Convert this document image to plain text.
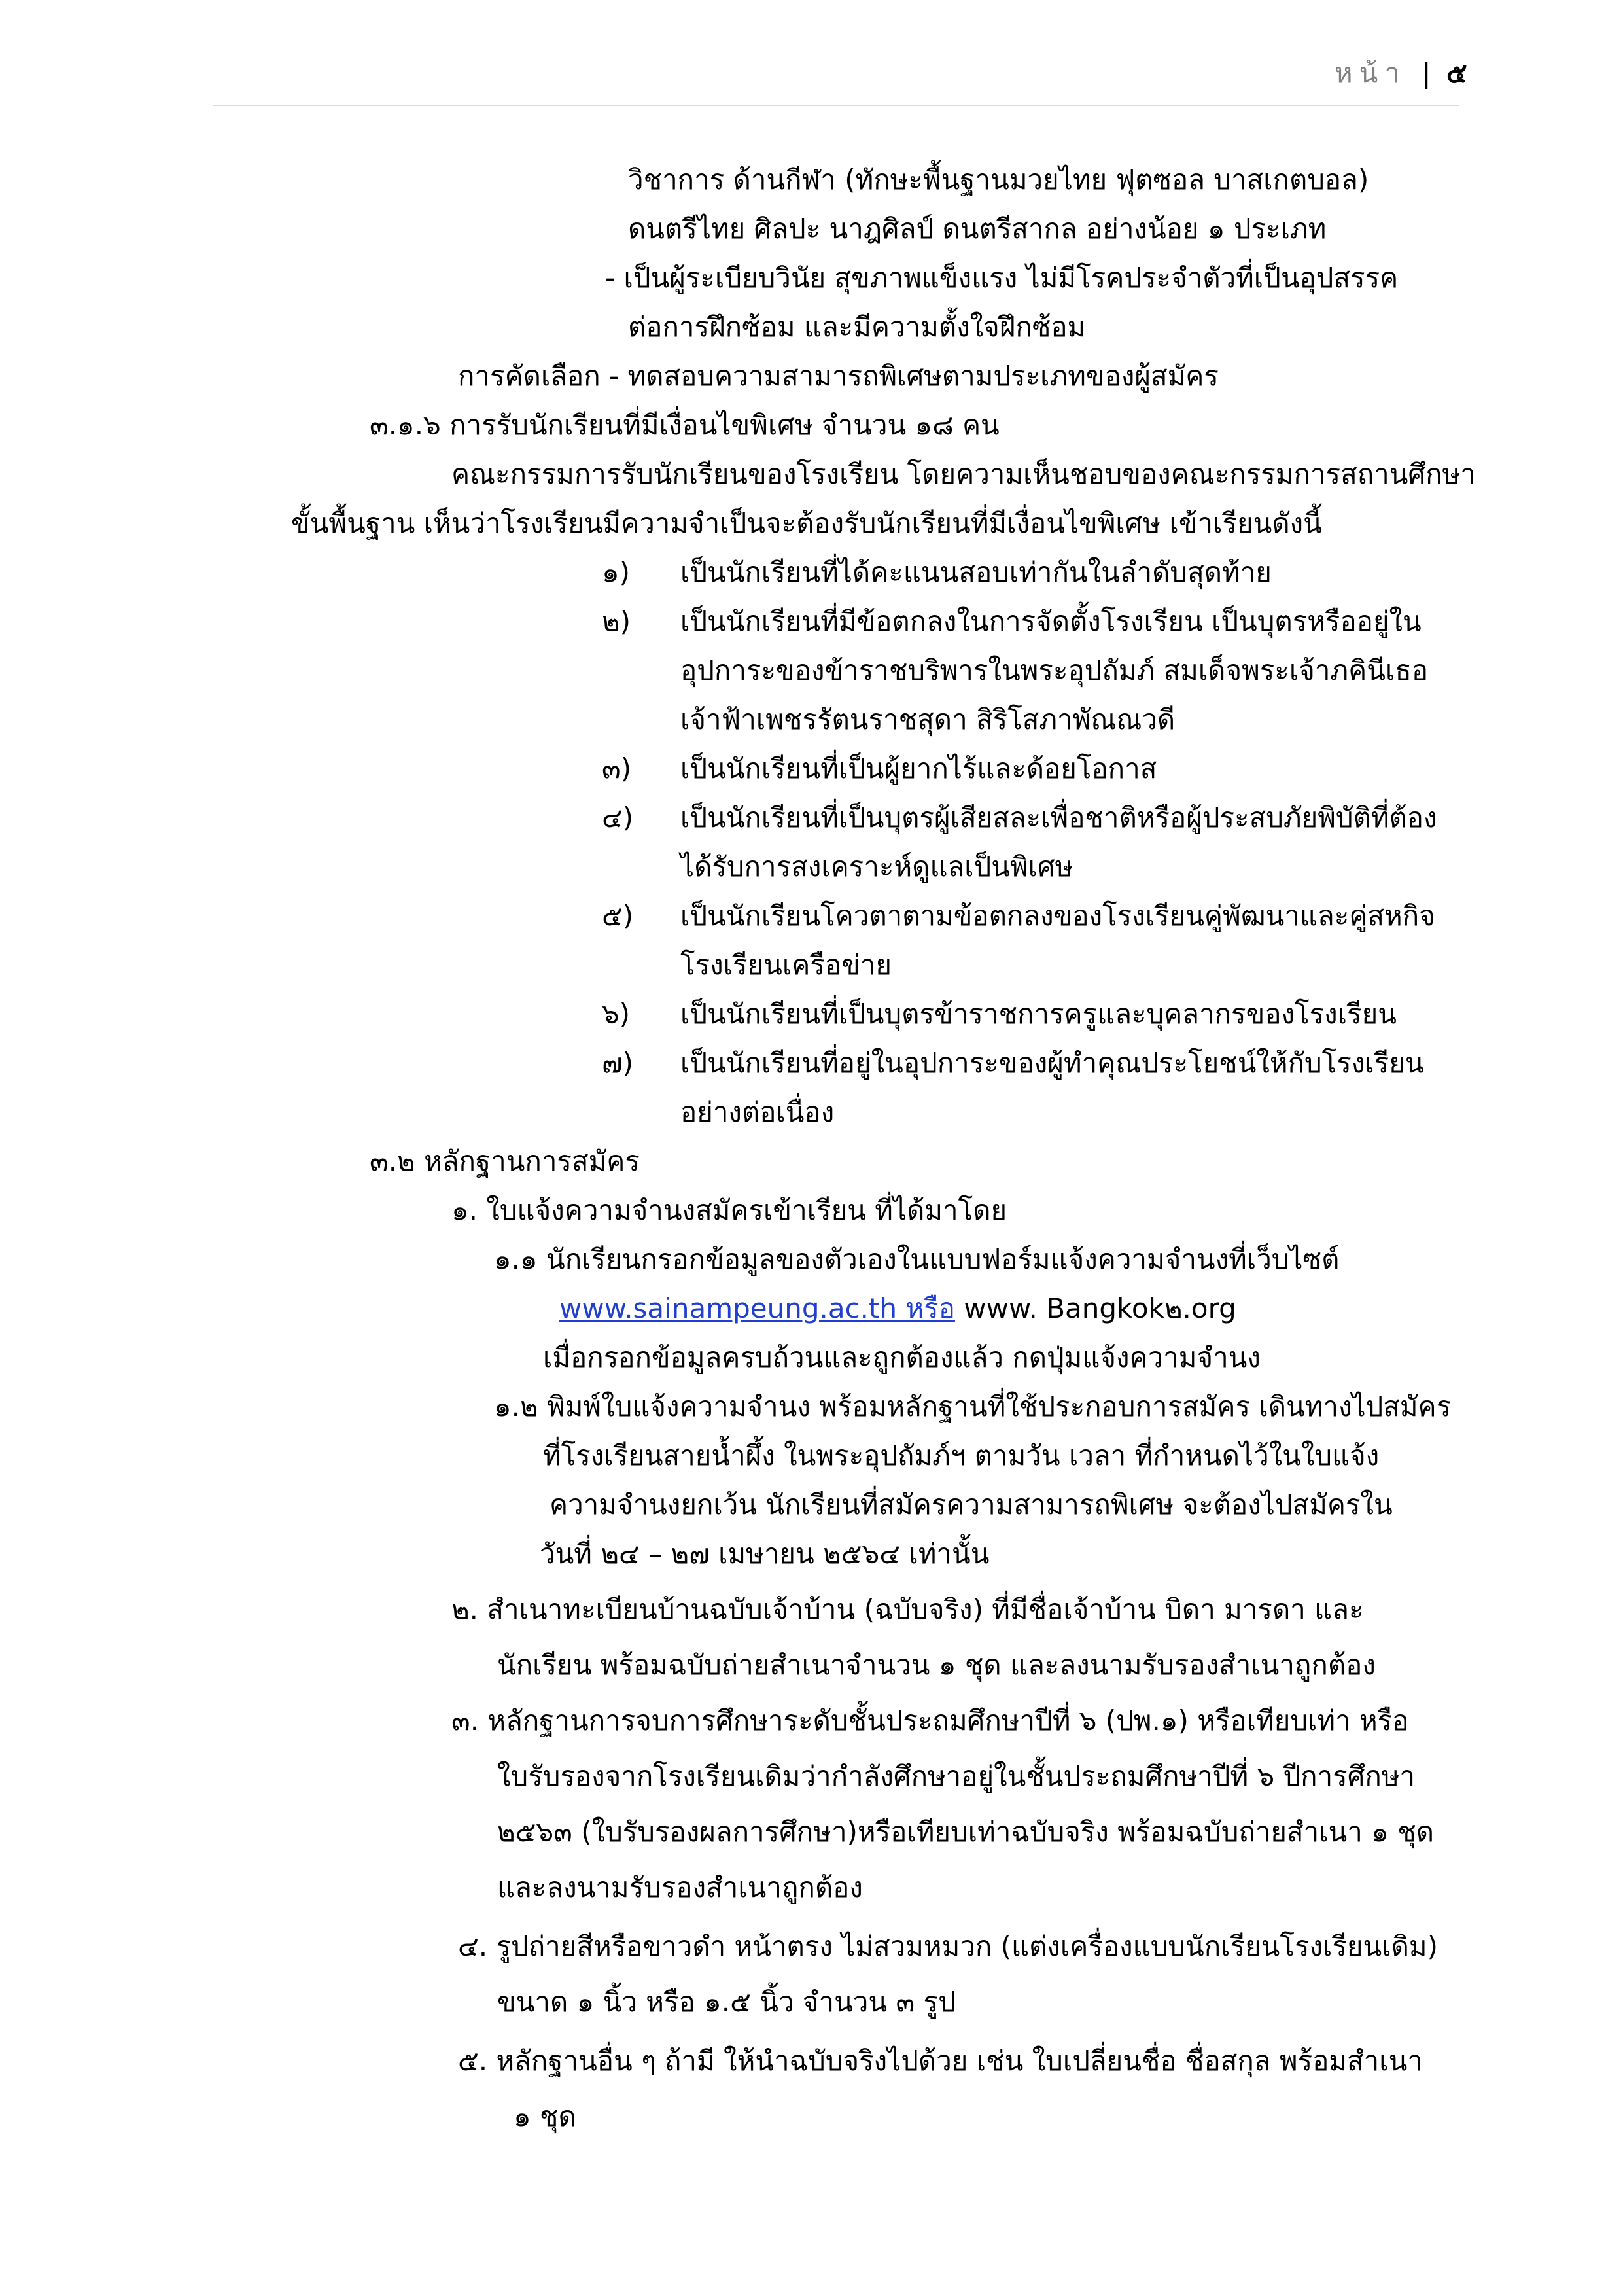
หน้า | ๕
วิชาการ ด้านกีฬา (ทักษะพื้นฐานมวยไทย ฟุตซอล บาสเกตบอล)
ดนตรีไทย ศิลปะ นาฎศิลป์ ดนตรีสากล อย่างน้อย ๑ ประเภท
- เป็นผู้ระเบียบวินัย สุขภาพแข็งแรง ไม่มีโรคประจำตัวที่เป็นอุปสรรค
ต่อการฝึกซ้อม และมีความตั้งใจฝึกซ้อม
การคัดเลือก - ทดสอบความสามารถพิเศษตามประเภทของผู้สมัคร
๓.๑.๖ การรับนักเรียนที่มีเงื่อนไขพิเศษ จำนวน ๑๘ คน
คณะกรรมการรับนักเรียนของโรงเรียน โดยความเห็นชอบของคณะกรรมการสถานศึกษา
ขั้นพื้นฐาน เห็นว่าโรงเรียนมีความจำเป็นจะต้องรับนักเรียนที่มีเงื่อนไขพิเศษ เข้าเรียนดังนี้
๑) เป็นนักเรียนที่ได้คะแนนสอบเท่ากันในลำดับสุดท้าย
๒) เป็นนักเรียนที่มีข้อตกลงในการจัดตั้งโรงเรียน เป็นบุตรหรืออยู่ใน
อุปการะของข้าราชบริพารในพระอุปถัมภ์ สมเด็จพระเจ้าภคินีเธอ
เจ้าฟ้าเพชรรัตนราชสุดา สิริโสภาพัณณวดี
๓) เป็นนักเรียนที่เป็นผู้ยากไร้และด้อยโอกาส
๔) เป็นนักเรียนที่เป็นบุตรผู้เสียสละเพื่อชาติหรือผู้ประสบภัยพิบัติที่ต้อง
ได้รับการสงเคราะห์ดูแลเป็นพิเศษ
๕) เป็นนักเรียนโควตาตามข้อตกลงของโรงเรียนคู่พัฒนาและคู่สหกิจ
โรงเรียนเครือข่าย
๖) เป็นนักเรียนที่เป็นบุตรข้าราชการครูและบุคลากรของโรงเรียน
๗) เป็นนักเรียนที่อยู่ในอุปการะของผู้ทำคุณประโยชน์ให้กับโรงเรียน
อย่างต่อเนื่อง
๓.๒ หลักฐานการสมัคร
๑. ใบแจ้งความจำนงสมัครเข้าเรียน ที่ได้มาโดย
๑.๑ นักเรียนกรอกข้อมูลของตัวเองในแบบฟอร์มแจ้งความจำนงที่เว็บไซต์
www.sainampeung.ac.th หรือ www. Bangkok๒.org
เมื่อกรอกข้อมูลครบถ้วนและถูกต้องแล้ว กดปุ่มแจ้งความจำนง
๑.๒ พิมพ์ใบแจ้งความจำนง พร้อมหลักฐานที่ใช้ประกอบการสมัคร เดินทางไปสมัคร
ที่โรงเรียนสายน้ำผึ้ง ในพระอุปถัมภ์ฯ ตามวัน เวลา ที่กำหนดไว้ในใบแจ้ง
ความจำนงยกเว้น นักเรียนที่สมัครความสามารถพิเศษ จะต้องไปสมัครใน
วันที่ ๒๔ – ๒๗ เมษายน ๒๕๖๔ เท่านั้น
๒. สำเนาทะเบียนบ้านฉบับเจ้าบ้าน (ฉบับจริง) ที่มีชื่อเจ้าบ้าน บิดา มารดา และ
นักเรียน พร้อมฉบับถ่ายสำเนาจำนวน ๑ ชุด และลงนามรับรองสำเนาถูกต้อง
๓. หลักฐานการจบการศึกษาระดับชั้นประถมศึกษาปีที่ ๖ (ปพ.๑) หรือเทียบเท่า หรือ
ใบรับรองจากโรงเรียนเดิมว่ากำลังศึกษาอยู่ในชั้นประถมศึกษาปีที่ ๖ ปีการศึกษา
๒๕๖๓ (ใบรับรองผลการศึกษา)หรือเทียบเท่าฉบับจริง พร้อมฉบับถ่ายสำเนา ๑ ชุด
และลงนามรับรองสำเนาถูกต้อง
๔. รูปถ่ายสีหรือขาวดำ หน้าตรง ไม่สวมหมวก (แต่งเครื่องแบบนักเรียนโรงเรียนเดิม)
ขนาด ๑ นิ้ว หรือ ๑.๕ นิ้ว จำนวน ๓ รูป
๕. หลักฐานอื่น ๆ ถ้ามี ให้นำฉบับจริงไปด้วย เช่น ใบเปลี่ยนชื่อ ชื่อสกุล พร้อมสำเนา
๑ ชุด
